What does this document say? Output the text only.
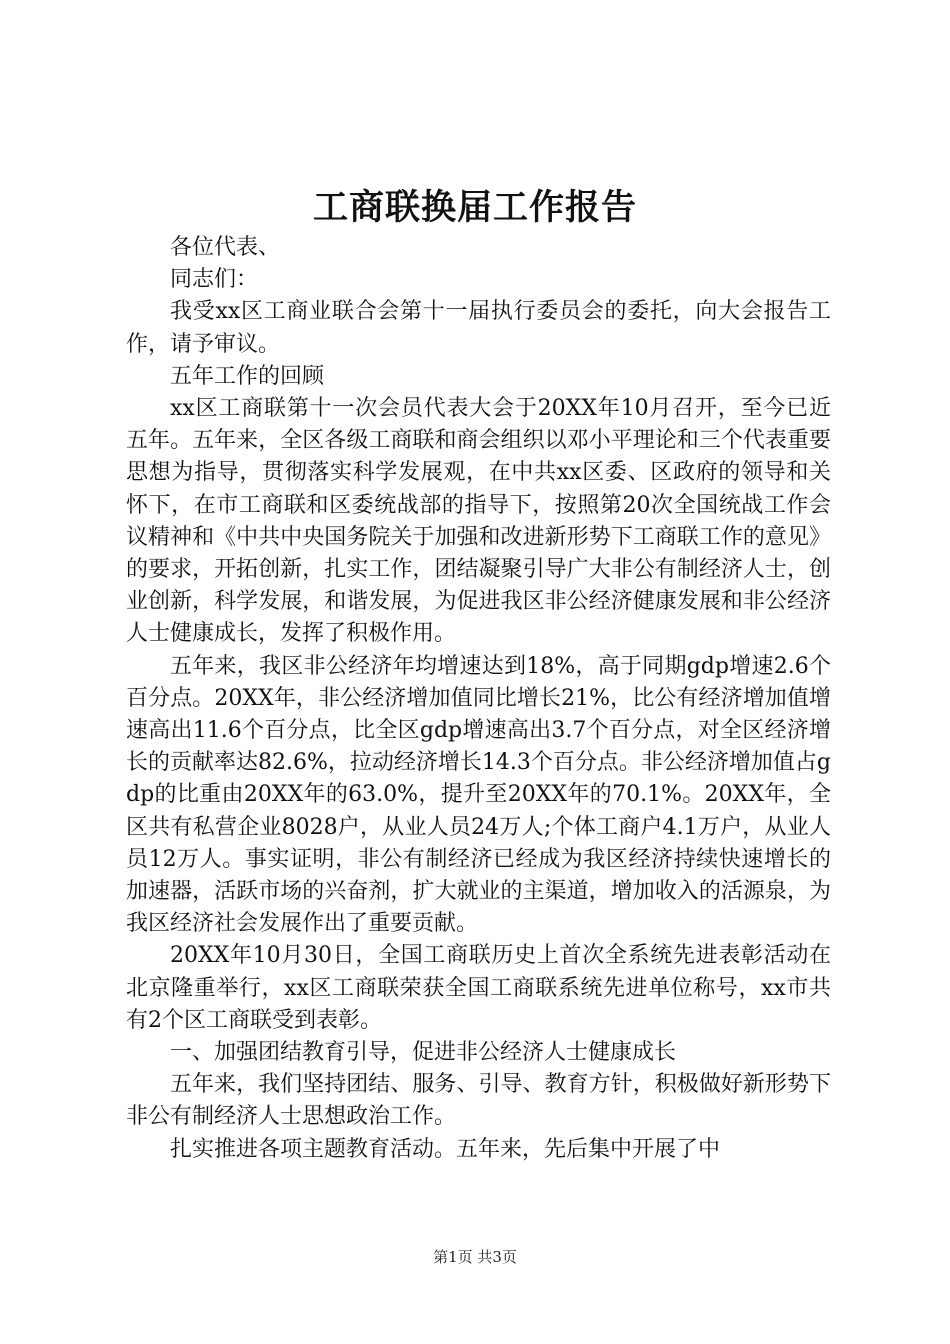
工商联换届工作报告

各位代表、

同志们：

我受xx区工商业联合会第十一届执行委员会的委托，向大会报告工作，请予审议。

五年工作的回顾

xx区工商联第十一次会员代表大会于20XX年10月召开，至今已近五年。五年来，全区各级工商联和商会组织以邓小平理论和三个代表重要思想为指导，贯彻落实科学发展观，在中共xx区委、区政府的领导和关怀下，在市工商联和区委统战部的指导下，按照第20次全国统战工作会议精神和《中共中央国务院关于加强和改进新形势下工商联工作的意见》的要求，开拓创新，扎实工作，团结凝聚引导广大非公有制经济人士，创业创新，科学发展，和谐发展，为促进我区非公经济健康发展和非公经济人士健康成长，发挥了积极作用。

五年来，我区非公经济年均增速达到18%，高于同期gdp增速2.6个百分点。20XX年，非公经济增加值同比增长21%，比公有经济增加值增速高出11.6个百分点，比全区gdp增速高出3.7个百分点，对全区经济增长的贡献率达82.6%，拉动经济增长14.3个百分点。非公经济增加值占gdp的比重由20XX年的63.0%，提升至20XX年的70.1%。20XX年，全区共有私营企业8028户，从业人员24万人;个体工商户4.1万户，从业人员12万人。事实证明，非公有制经济已经成为我区经济持续快速增长的加速器，活跃市场的兴奋剂，扩大就业的主渠道，增加收入的活源泉，为我区经济社会发展作出了重要贡献。

20XX年10月30日，全国工商联历史上首次全系统先进表彰活动在北京隆重举行，xx区工商联荣获全国工商联系统先进单位称号，xx市共有2个区工商联受到表彰。

一、加强团结教育引导，促进非公经济人士健康成长

五年来，我们坚持团结、服务、引导、教育方针，积极做好新形势下非公有制经济人士思想政治工作。

扎实推进各项主题教育活动。五年来，先后集中开展了中

第1页 共3页
